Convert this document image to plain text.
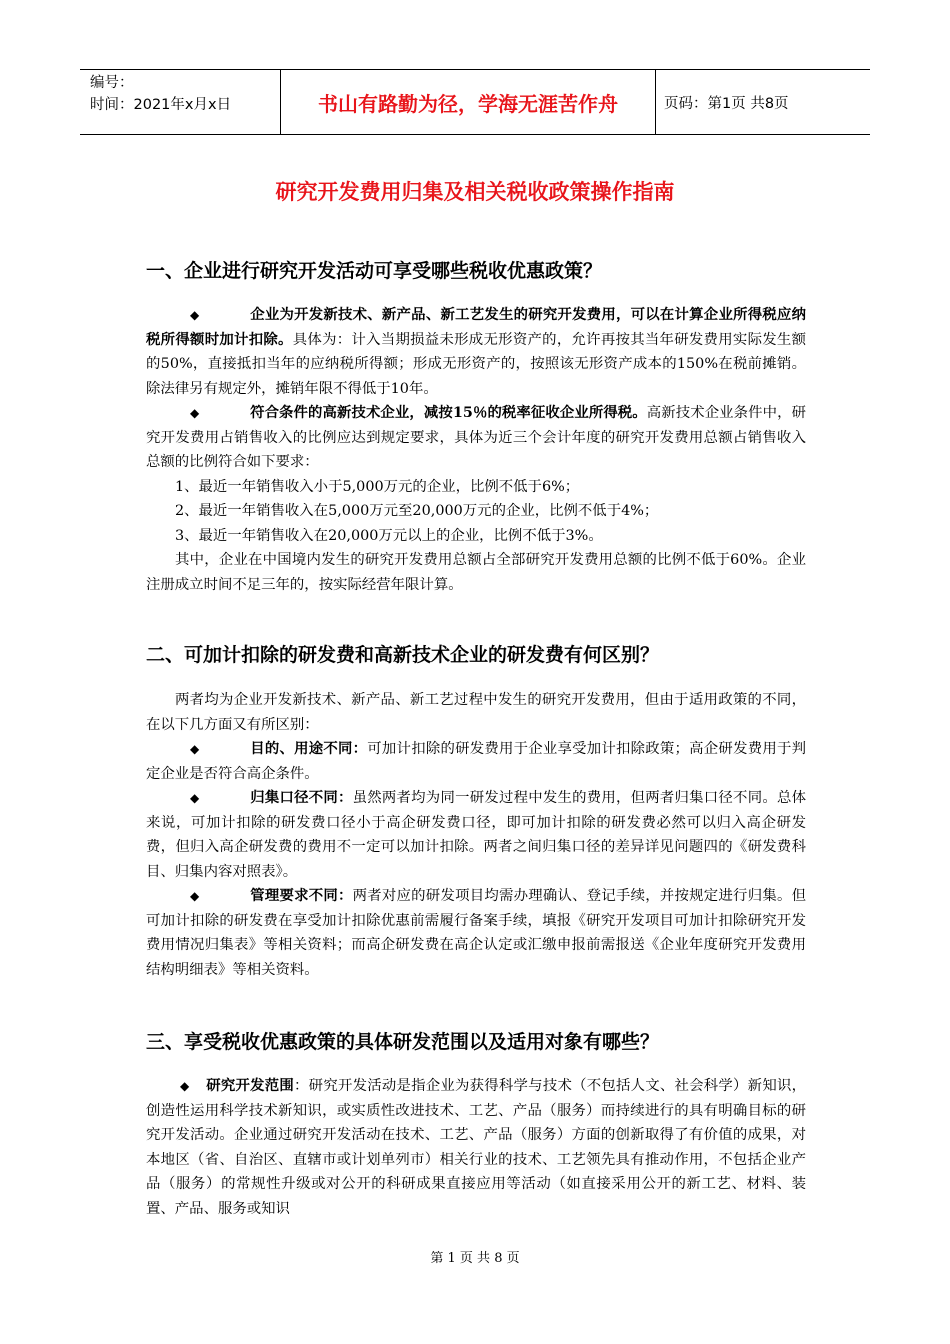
编号：
时间：2021年x月x日	书山有路勤为径，学海无涯苦作舟	页码：第1页 共8页
研究开发费用归集及相关税收政策操作指南
一、企业进行研究开发活动可享受哪些税收优惠政策？

◆	企业为开发新技术、新产品、新工艺发生的研究开发费用，可以在计算企业所得税应纳税所得额时加计扣除。具体为：计入当期损益未形成无形资产的，允许再按其当年研发费用实际发生额的50%，直接抵扣当年的应纳税所得额；形成无形资产的，按照该无形资产成本的150%在税前摊销。除法律另有规定外，摊销年限不得低于10年。

◆	符合条件的高新技术企业，减按15％的税率征收企业所得税。高新技术企业条件中，研究开发费用占销售收入的比例应达到规定要求，具体为近三个会计年度的研究开发费用总额占销售收入总额的比例符合如下要求：

1、最近一年销售收入小于5,000万元的企业，比例不低于6%；

2、最近一年销售收入在5,000万元至20,000万元的企业，比例不低于4%；

3、最近一年销售收入在20,000万元以上的企业，比例不低于3%。

其中，企业在中国境内发生的研究开发费用总额占全部研究开发费用总额的比例不低于60%。企业注册成立时间不足三年的，按实际经营年限计算。

二、可加计扣除的研发费和高新技术企业的研发费有何区别？

两者均为企业开发新技术、新产品、新工艺过程中发生的研究开发费用，但由于适用政策的不同，在以下几方面又有所区别：

◆	目的、用途不同：可加计扣除的研发费用于企业享受加计扣除政策；高企研发费用于判定企业是否符合高企条件。

◆	归集口径不同：虽然两者均为同一研发过程中发生的费用，但两者归集口径不同。总体来说，可加计扣除的研发费口径小于高企研发费口径，即可加计扣除的研发费必然可以归入高企研发费，但归入高企研发费的费用不一定可以加计扣除。两者之间归集口径的差异详见问题四的《研发费科目、归集内容对照表》。

◆	管理要求不同：两者对应的研发项目均需办理确认、登记手续，并按规定进行归集。但可加计扣除的研发费在享受加计扣除优惠前需履行备案手续，填报《研究开发项目可加计扣除研究开发费用情况归集表》等相关资料；而高企研发费在高企认定或汇缴申报前需报送《企业年度研究开发费用结构明细表》等相关资料。

三、享受税收优惠政策的具体研发范围以及适用对象有哪些？

◆ 研究开发范围：研究开发活动是指企业为获得科学与技术（不包括人文、社会科学）新知识，创造性运用科学技术新知识，或实质性改进技术、工艺、产品（服务）而持续进行的具有明确目标的研究开发活动。企业通过研究开发活动在技术、工艺、产品（服务）方面的创新取得了有价值的成果，对本地区（省、自治区、直辖市或计划单列市）相关行业的技术、工艺领先具有推动作用，不包括企业产品（服务）的常规性升级或对公开的科研成果直接应用等活动（如直接采用公开的新工艺、材料、装置、产品、服务或知识

第 1 页 共 8 页
